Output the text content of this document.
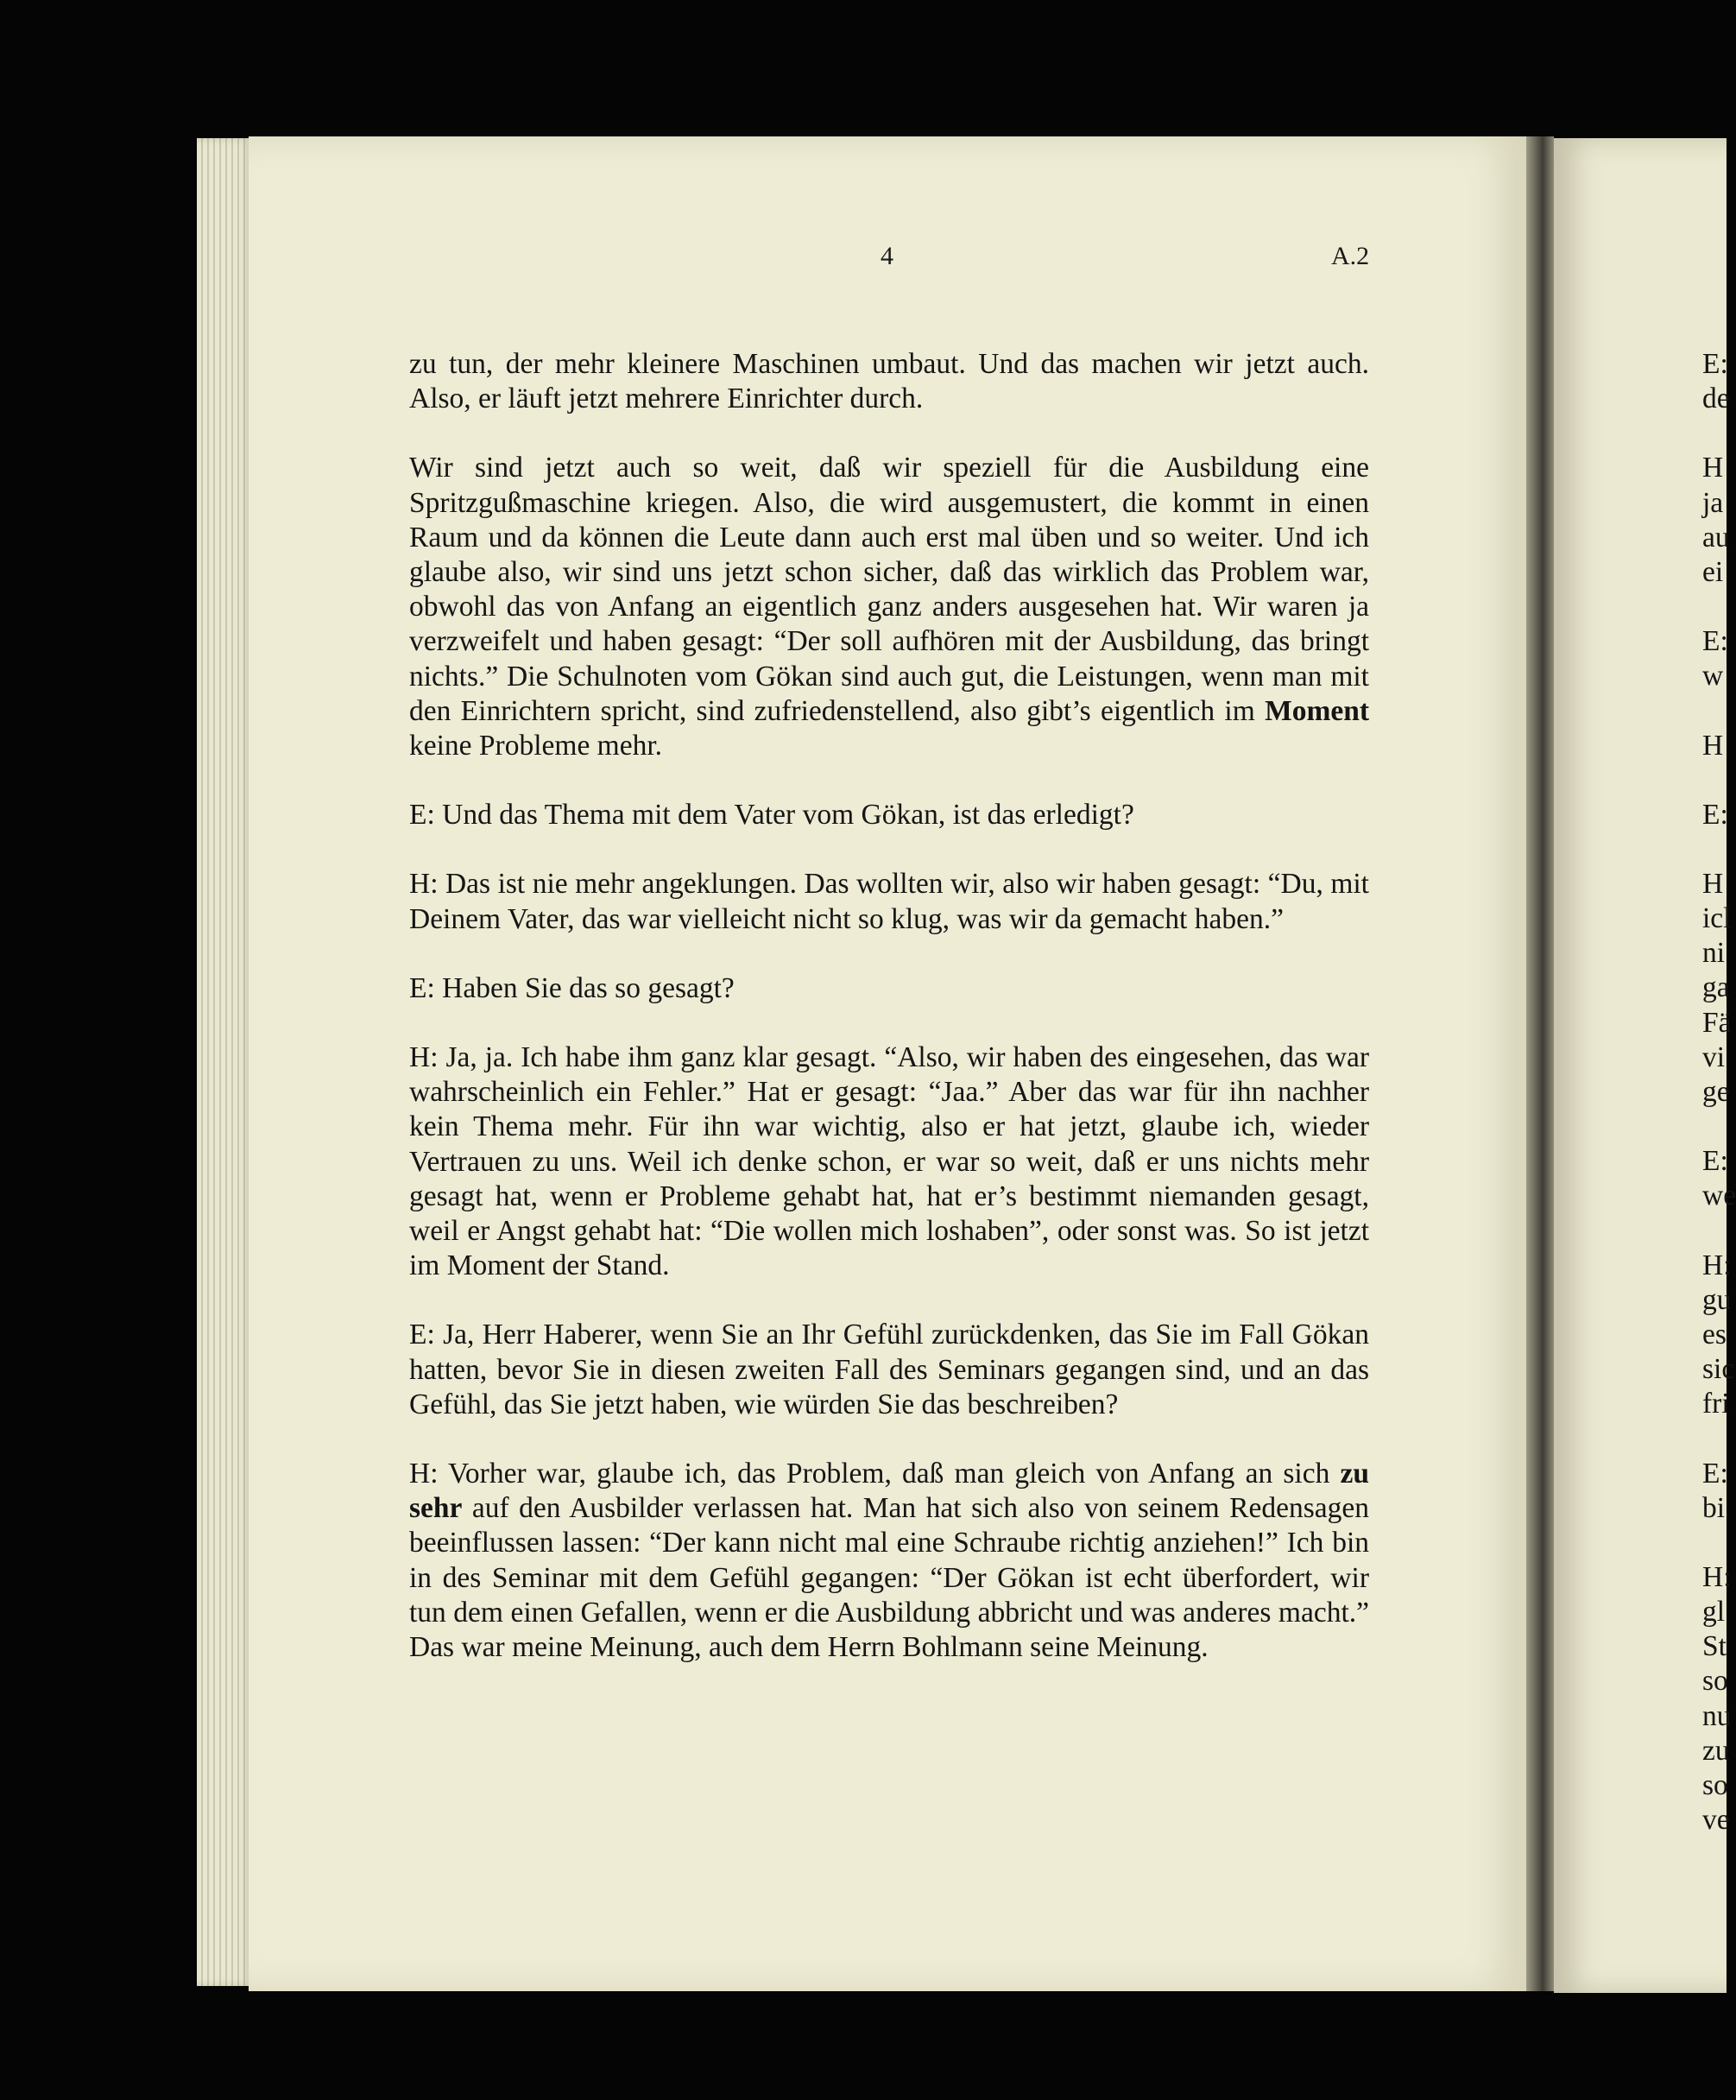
4	A.2

zu tun, der mehr kleinere Maschinen umbaut. Und das machen wir jetzt auch. Also, er läuft jetzt mehrere Einrichter durch.

Wir sind jetzt auch so weit, daß wir speziell für die Ausbildung eine Spritzgußmaschine kriegen. Also, die wird ausgemustert, die kommt in einen Raum und da können die Leute dann auch erst mal üben und so weiter. Und ich glaube also, wir sind uns jetzt schon sicher, daß das wirklich das Problem war, obwohl das von Anfang an eigentlich ganz anders ausgesehen hat. Wir waren ja verzweifelt und haben gesagt: “Der soll aufhören mit der Ausbildung, das bringt nichts.” Die Schulnoten vom Gökan sind auch gut, die Leistungen, wenn man mit den Einrichtern spricht, sind zufriedenstellend, also gibt’s eigentlich im Moment keine Probleme mehr.

E: Und das Thema mit dem Vater vom Gökan, ist das erledigt?

H: Das ist nie mehr angeklungen. Das wollten wir, also wir haben gesagt: “Du, mit Deinem Vater, das war vielleicht nicht so klug, was wir da gemacht haben.”

E: Haben Sie das so gesagt?

H: Ja, ja. Ich habe ihm ganz klar gesagt. “Also, wir haben des eingesehen, das war wahrscheinlich ein Fehler.” Hat er gesagt: “Jaa.” Aber das war für ihn nachher kein Thema mehr. Für ihn war wichtig, also er hat jetzt, glaube ich, wieder Vertrauen zu uns. Weil ich denke schon, er war so weit, daß er uns nichts mehr gesagt hat, wenn er Probleme gehabt hat, hat er’s bestimmt niemanden gesagt, weil er Angst gehabt hat: “Die wollen mich loshaben”, oder sonst was. So ist jetzt im Moment der Stand.

E: Ja, Herr Haberer, wenn Sie an Ihr Gefühl zurückdenken, das Sie im Fall Gökan hatten, bevor Sie in diesen zweiten Fall des Seminars gegangen sind, und an das Gefühl, das Sie jetzt haben, wie würden Sie das beschreiben?

H: Vorher war, glaube ich, das Problem, daß man gleich von Anfang an sich zu sehr auf den Ausbilder verlassen hat. Man hat sich also von seinem Redensagen beeinflussen lassen: “Der kann nicht mal eine Schraube richtig anziehen!” Ich bin in des Seminar mit dem Gefühl gegangen: “Der Gökan ist echt überfordert, wir tun dem einen Gefallen, wenn er die Ausbildung abbricht und was anderes macht.” Das war meine Meinung, auch dem Herrn Bohlmann seine Meinung.

E:
de
H
ja
au
ei
E:
w
H
E:
H
icl
ni
ga
Fä
vi
ge
E:
we
H:
gu
es
sic
fri
E:
bi
H:
gl
St
so
nu
zu
so
ve
